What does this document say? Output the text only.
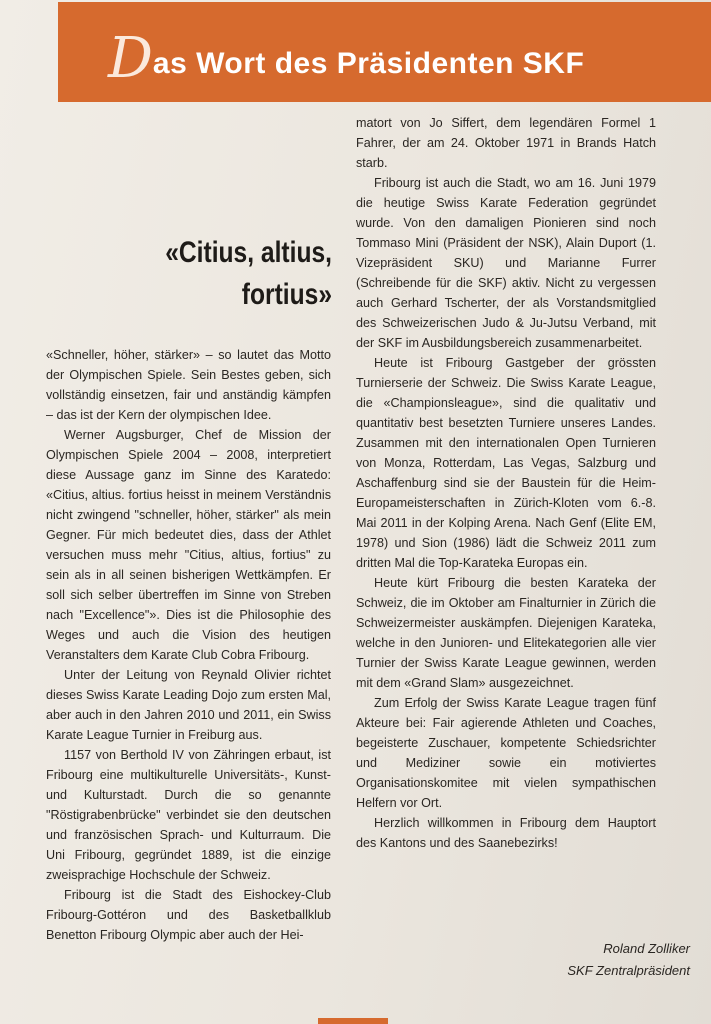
Das Wort des Präsidenten SKF
«Citius, altius, fortius»

«Schneller, höher, stärker» – so lautet das Motto der Olympischen Spiele. Sein Bestes geben, sich vollständig einsetzen, fair und anständig kämpfen – das ist der Kern der olympischen Idee.

Werner Augsburger, Chef de Mission der Olympischen Spiele 2004 – 2008, interpretiert diese Aussage ganz im Sinne des Karatedo: «Citius, altius. fortius heisst in meinem Verständnis nicht zwingend "schneller, höher, stärker" als mein Gegner. Für mich bedeutet dies, dass der Athlet versuchen muss mehr "Citius, altius, fortius" zu sein als in all seinen bisherigen Wettkämpfen. Er soll sich selber übertreffen im Sinne von Streben nach "Excellence"». Dies ist die Philosophie des Weges und auch die Vision des heutigen Veranstalters dem Karate Club Cobra Fribourg.

Unter der Leitung von Reynald Olivier richtet dieses Swiss Karate Leading Dojo zum ersten Mal, aber auch in den Jahren 2010 und 2011, ein Swiss Karate League Turnier in Freiburg aus.

1157 von Berthold IV von Zähringen erbaut, ist Fribourg eine multikulturelle Universitäts-, Kunst- und Kulturstadt. Durch die so genannte "Röstigrabenbrücke" verbindet sie den deutschen und französischen Sprach- und Kulturraum. Die Uni Fribourg, gegründet 1889, ist die einzige zweisprachige Hochschule der Schweiz.

Fribourg ist die Stadt des Eishockey-Club Fribourg-Gottéron und des Basketballklub Benetton Fribourg Olympic aber auch der Hei-

matort von Jo Siffert, dem legendären Formel 1 Fahrer, der am 24. Oktober 1971 in Brands Hatch starb.

Fribourg ist auch die Stadt, wo am 16. Juni 1979 die heutige Swiss Karate Federation gegründet wurde. Von den damaligen Pionieren sind noch Tommaso Mini (Präsident der NSK), Alain Duport (1. Vizepräsident SKU) und Marianne Furrer (Schreibende für die SKF) aktiv. Nicht zu vergessen auch Gerhard Tscherter, der als Vorstandsmitglied des Schweizerischen Judo & Ju-Jutsu Verband, mit der SKF im Ausbildungsbereich zusammenarbeitet.

Heute ist Fribourg Gastgeber der grössten Turnierserie der Schweiz. Die Swiss Karate League, die «Championsleague», sind die qualitativ und quantitativ best besetzten Turniere unseres Landes. Zusammen mit den internationalen Open Turnieren von Monza, Rotterdam, Las Vegas, Salzburg und Aschaffenburg sind sie der Baustein für die Heim-Europameisterschaften in Zürich-Kloten vom 6.-8. Mai 2011 in der Kolping Arena. Nach Genf (Elite EM, 1978) und Sion (1986) lädt die Schweiz 2011 zum dritten Mal die Top-Karateka Europas ein.

Heute kürt Fribourg die besten Karateka der Schweiz, die im Oktober am Finalturnier in Zürich die Schweizermeister auskämpfen. Diejenigen Karateka, welche in den Junioren- und Elitekategorien alle vier Turnier der Swiss Karate League gewinnen, werden mit dem «Grand Slam» ausgezeichnet.

Zum Erfolg der Swiss Karate League tragen fünf Akteure bei: Fair agierende Athleten und Coaches, begeisterte Zuschauer, kompetente Schiedsrichter und Mediziner sowie ein motiviertes Organisationskomitee mit vielen sympathischen Helfern vor Ort.

Herzlich willkommen in Fribourg dem Hauptort des Kantons und des Saanebezirks!

Roland Zolliker
SKF Zentralpräsident
